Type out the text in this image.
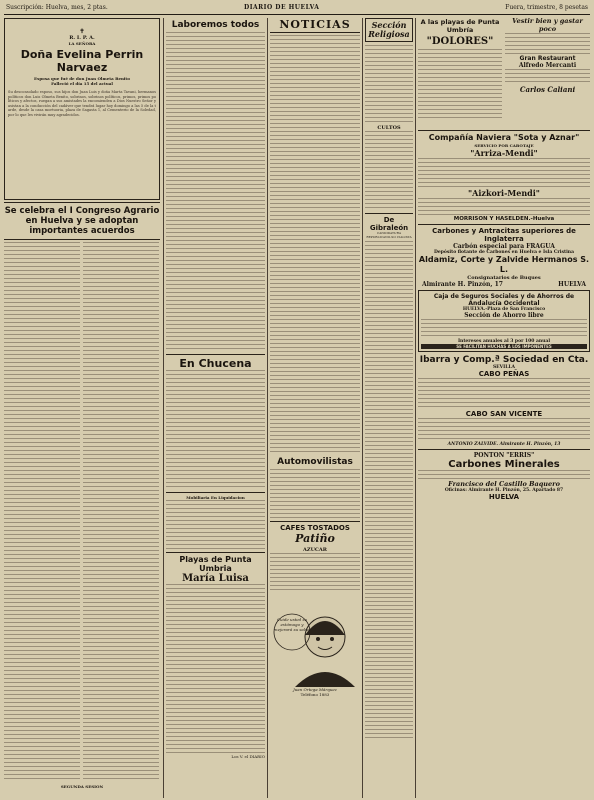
Suscripción: Huelva, mes, 2 ptas.	DIARIO DE HUELVA	Fuera, trimestre, 8 pesetas
✝
R. I. P. A.
LA SEÑORA
Doña Evelina Perrin Narvaez
Esposa que fué de don Juan Olmeta Benito
Falleció el día 15 del actual
Su desconsolado esposo, sus hijos don Juan Luis y doña Marta Tavani, hermanos políticos don Luis Olmeta Benito, sobrinos, sobrinos políticos, primos, primos políticos y afectos, ruegan a sus amistades la encomienden a Dios Nuestro Señor y asistan a la conducción del cadáver que tendrá lugar hoy domingo a las 5 de la tarde, desde la casa mortuoria, plaza de Sagasta 1, al Cementerio de la Soledad, por lo que les vivirán muy agradecidos.
Se celebra el I Congreso Agrario en Huelva y se adoptan importantes acuerdos
SEGUNDA SESION
Laboremos todos
En Chucena
Mobiliaria En Liquidacion
Playas de Punta Umbria
María Luisa
Los V. el DIARIO
NOTICIAS
Automovilistas
CAFES TOSTADOS
Patiño
AZUCAR
Cuide usted su estómago y mejorará su salud
Juan Ortega Márquez
Teléfono 1883
Sección Religiosa
CULTOS
De Gibraleón
CANDIDATURA REPUBLICANO-SO CIALISTA
A las playas de Punta Umbría
"DOLORES"
Vestir bien y gastar poco
Gran Restaurant
Alfredo Mercanti
Carlos Caliani
Compañía Naviera "Sota y Aznar"
SERVICIO POR CABOTAJE
"Arriza-Mendi"
"Aizkori-Mendi"
MORRISON Y HASELDEN.-Huelva
Carbones y Antracitas superiores de Inglaterra
Carbón especial para FRAGUA
Depósito flotante de Carbones en Huelva e Isla Cristina
Aldamiz, Corte y Zalvide Hermanos S. L.
Consignatarios de Buques
Almirante H. Pinzón, 17	HUELVA
Caja de Seguros Sociales y de Ahorros de Andalucía Occidental
HUELVA.-Plaza de San Francisco
Sección de Ahorro libre
Intereses anuales al 3 por 100 anual
SE FACILITAN HUCHAS A LOS IMPONENTES
Ibarra y Comp.ª Sociedad en Cta.
SEVILLA
CABO PEÑAS
CABO SAN VICENTE
ANTONIO ZALVIDE. Almirante H. Pinzón, 13
PONTON "ERRIS"
Carbones Minerales
Francisco del Castillo Baquero
Oficinas: Almirante H. Pinzón, 25. Apartado 87
HUELVA
